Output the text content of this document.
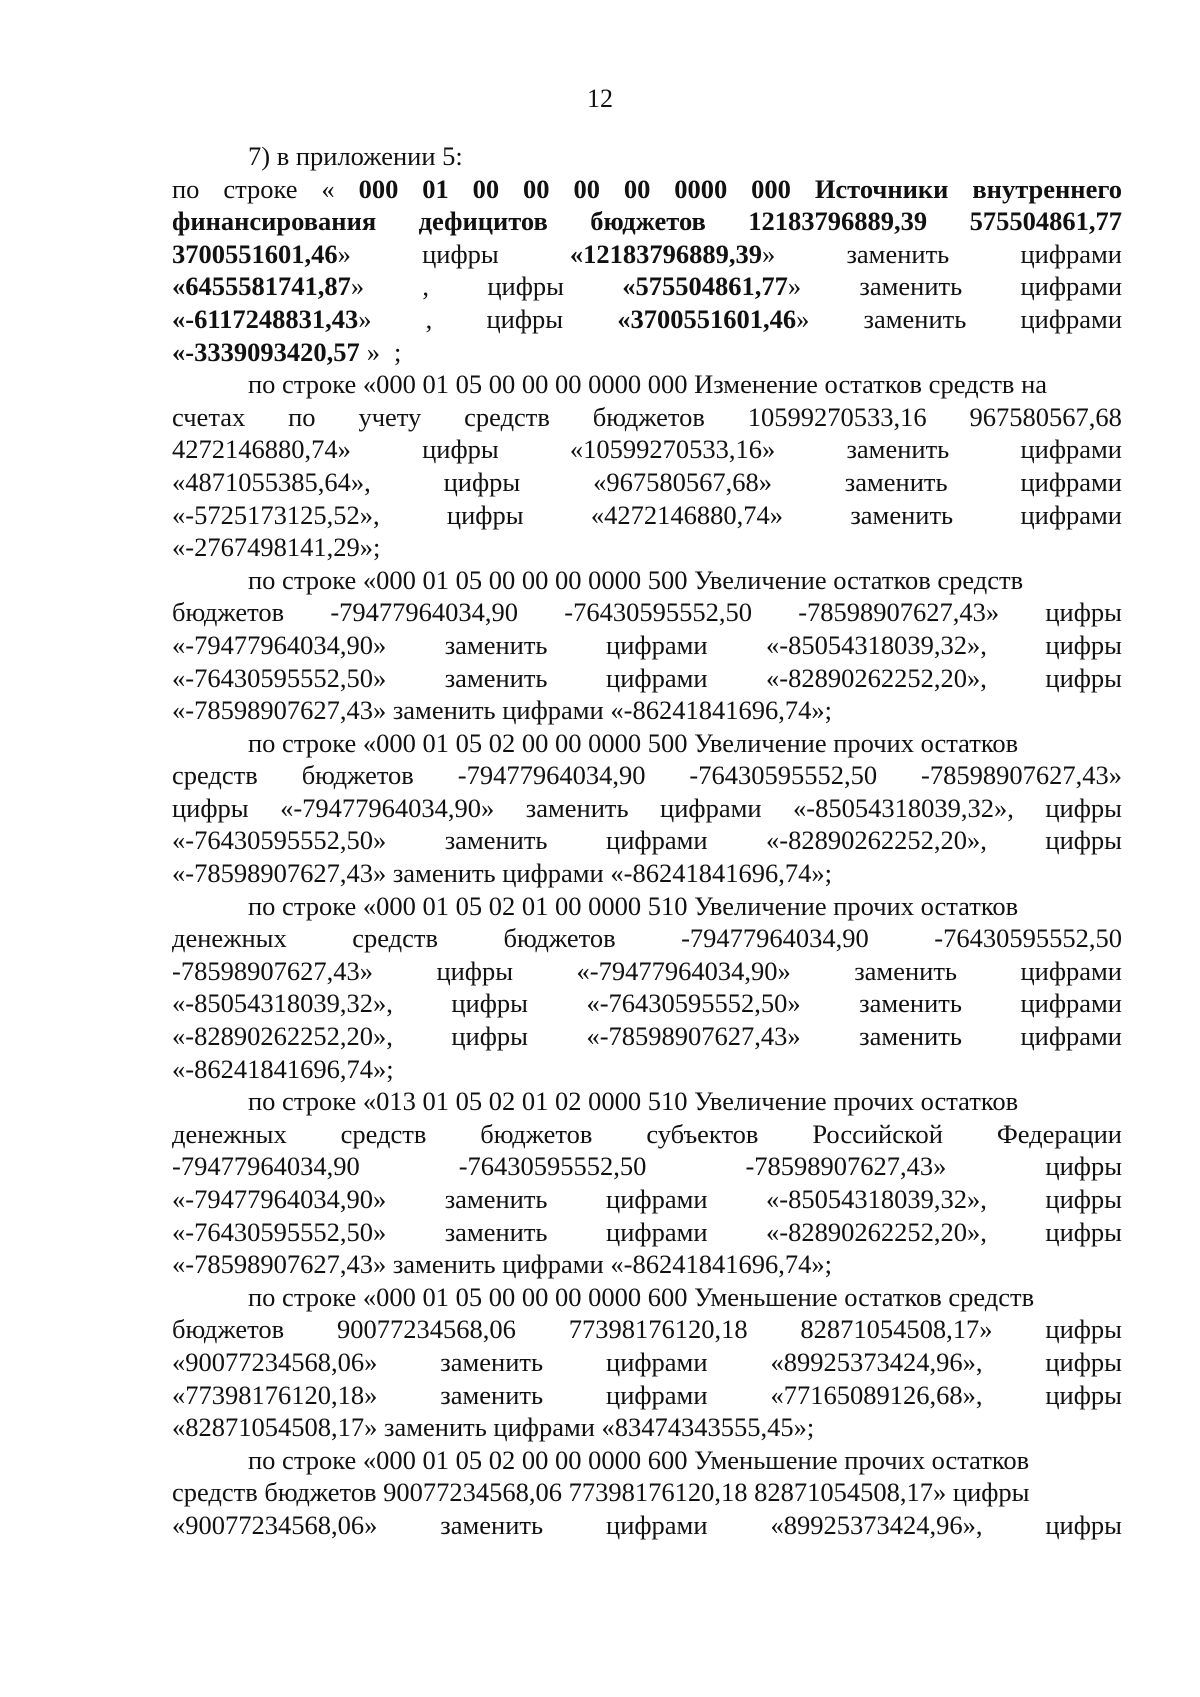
12
7) в приложении 5:
по строке « 000 01 00 00 00 00 0000 000 Источники внутреннего
финансирования дефицитов бюджетов 12183796889,39 575504861,77
3700551601,46»	цифры	«12183796889,39»	заменить	цифрами
«6455581741,87» , цифры «575504861,77» заменить цифрами
«-6117248831,43» , цифры «3700551601,46» заменить цифрами
«-3339093420,57 » ;
по строке «000 01 05 00 00 00 0000 000 Изменение остатков средств на
счетах по учету средств бюджетов 10599270533,16 967580567,68
4272146880,74»	цифры	«10599270533,16»	заменить	цифрами
«4871055385,64»,	цифры	«967580567,68»	заменить	цифрами
«-5725173125,52»,	цифры	«4272146880,74»	заменить	цифрами
«-2767498141,29»;
по строке «000 01 05 00 00 00 0000 500 Увеличение остатков средств
бюджетов -79477964034,90 -76430595552,50 -78598907627,43» цифры
«-79477964034,90» заменить цифрами «-85054318039,32», цифры
«-76430595552,50» заменить цифрами «-82890262252,20», цифры
«-78598907627,43» заменить цифрами «-86241841696,74»;
по строке «000 01 05 02 00 00 0000 500 Увеличение прочих остатков
средств бюджетов -79477964034,90 -76430595552,50 -78598907627,43»
цифры «-79477964034,90» заменить цифрами «-85054318039,32», цифры
«-76430595552,50» заменить цифрами «-82890262252,20», цифры
«-78598907627,43» заменить цифрами «-86241841696,74»;
по строке «000 01 05 02 01 00 0000 510 Увеличение прочих остатков
денежных средств бюджетов -79477964034,90 -76430595552,50
-78598907627,43» цифры «-79477964034,90» заменить цифрами
«-85054318039,32», цифры «-76430595552,50» заменить цифрами
«-82890262252,20», цифры «-78598907627,43» заменить цифрами
«-86241841696,74»;
по строке «013 01 05 02 01 02 0000 510 Увеличение прочих остатков
денежных средств бюджетов субъектов Российской Федерации
-79477964034,90	-76430595552,50	-78598907627,43»	цифры
«-79477964034,90» заменить цифрами «-85054318039,32», цифры
«-76430595552,50» заменить цифрами «-82890262252,20», цифры
«-78598907627,43» заменить цифрами «-86241841696,74»;
по строке «000 01 05 00 00 00 0000 600 Уменьшение остатков средств
бюджетов 90077234568,06 77398176120,18 82871054508,17» цифры
«90077234568,06» заменить цифрами «89925373424,96», цифры
«77398176120,18» заменить цифрами «77165089126,68», цифры
«82871054508,17» заменить цифрами «83474343555,45»;
по строке «000 01 05 02 00 00 0000 600 Уменьшение прочих остатков
средств бюджетов 90077234568,06 77398176120,18 82871054508,17» цифры
«90077234568,06» заменить цифрами «89925373424,96», цифры
